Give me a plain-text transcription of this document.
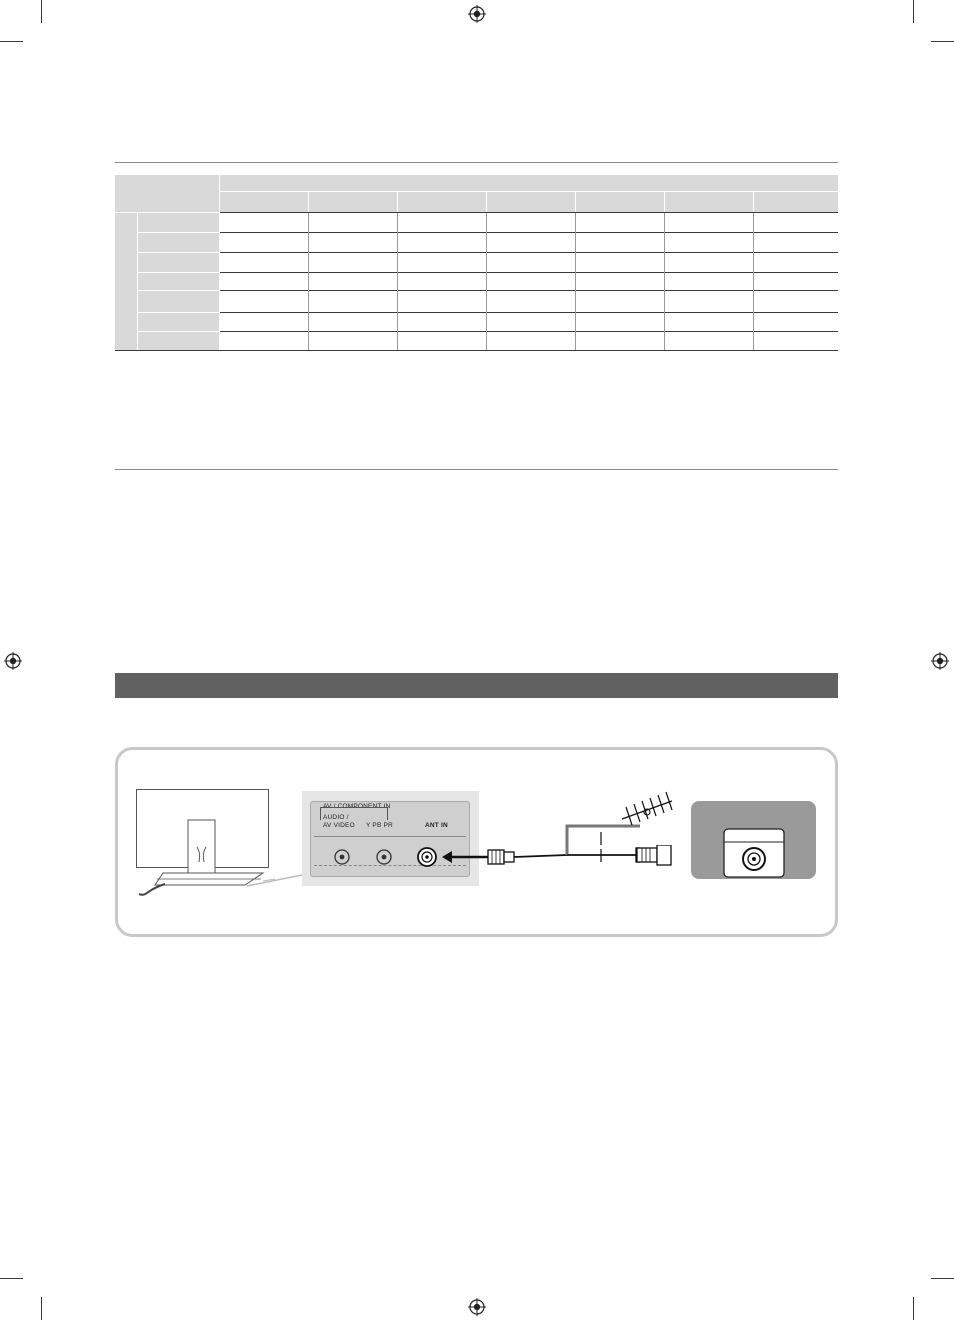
AV / COMPONENT IN
AUDIO /
AV VIDEO Y PB PR	ANT IN
